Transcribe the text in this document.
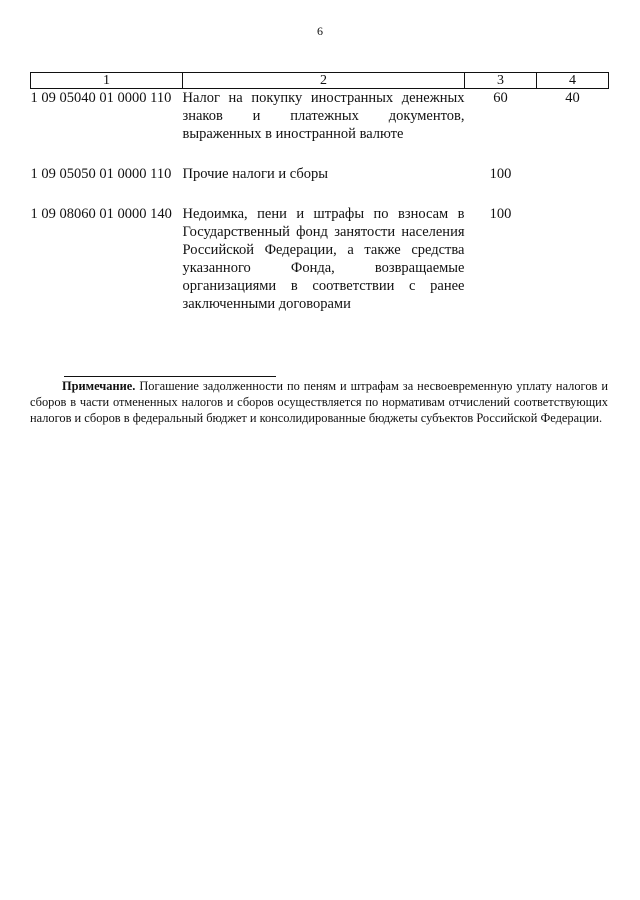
6
1	2	3	4
1 09 05040 01 0000 110	Налог на покупку иностранных денежных знаков и платежных документов, выраженных в иностранной валюте	60	40
1 09 05050 01 0000 110	Прочие налоги и сборы	100	
1 09 08060 01 0000 140	Недоимка, пени и штрафы по взносам в Государственный фонд занятости населения Российской Федерации, а также средства указанного Фонда, возвращаемые организациями в соответствии с ранее заключенными договорами	100	

Примечание. Погашение задолженности по пеням и штрафам за несвоевременную уплату налогов и сборов в части отмененных налогов и сборов осуществляется по нормативам отчислений соответствующих налогов и сборов в федеральный бюджет и консолидированные бюджеты субъектов Российской Федерации.
